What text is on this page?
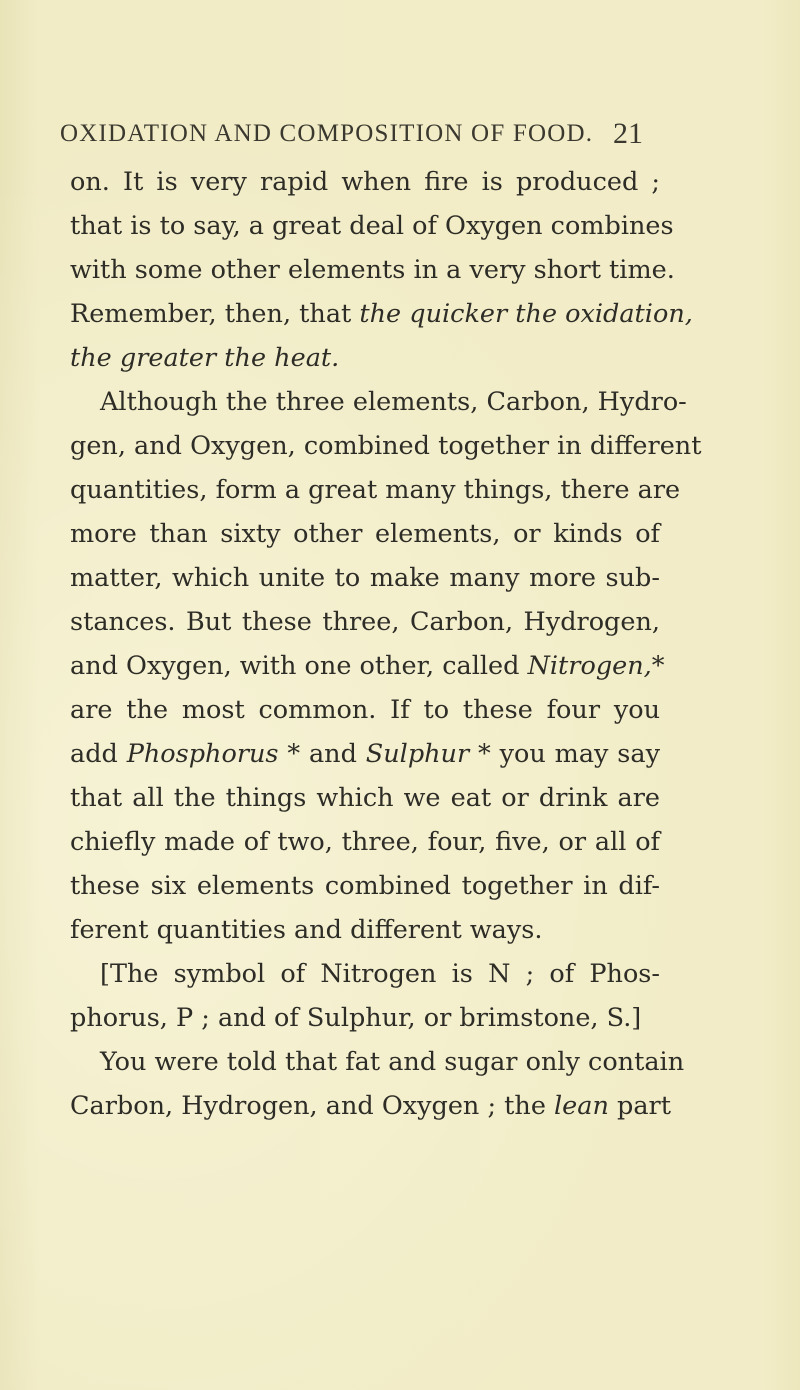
OXIDATION AND COMPOSITION OF FOOD. 21
on. It is very rapid when fire is produced ;
that is to say, a great deal of Oxygen combines
with some other elements in a very short time.
Remember, then, that the quicker the oxidation,
the greater the heat.
Although the three elements, Carbon, Hydro-
gen, and Oxygen, combined together in different
quantities, form a great many things, there are
more than sixty other elements, or kinds of
matter, which unite to make many more sub-
stances. But these three, Carbon, Hydrogen,
and Oxygen, with one other, called Nitrogen,*
are the most common. If to these four you
add Phosphorus * and Sulphur * you may say
that all the things which we eat or drink are
chiefly made of two, three, four, five, or all of
these six elements combined together in dif-
ferent quantities and different ways.
[The symbol of Nitrogen is N ; of Phos-
phorus, P ; and of Sulphur, or brimstone, S.]
You were told that fat and sugar only contain
Carbon, Hydrogen, and Oxygen ; the lean part
